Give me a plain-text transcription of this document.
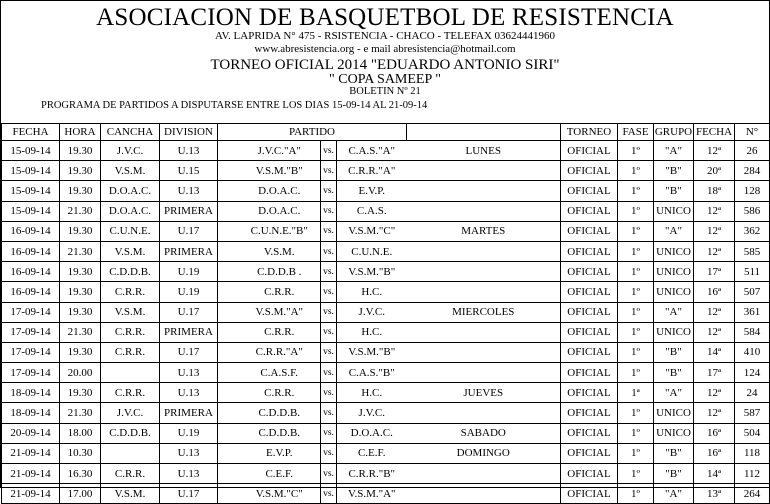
ASOCIACION DE BASQUETBOL DE RESISTENCIA
AV. LAPRIDA N° 475 - RSISTENCIA - CHACO - TELEFAX 03624441960
www.abresistencia.org - e mail abresistencia@hotmail.com
TORNEO OFICIAL 2014 "EDUARDO ANTONIO SIRI"
" COPA SAMEEP "
BOLETIN Nº 21
PROGRAMA DE PARTIDOS A DISPUTARSE ENTRE LOS DIAS 15-09-14 AL 21-09-14
FECHA	HORA	CANCHA	DIVISION	PARTIDO					TORNEO	FASE	GRUPO	FECHA	N°
15-09-14	19.30	J.V.C.	U.13		J.V.C."A"	vs.	C.A.S."A"	LUNES	OFICIAL	1º	"A"	12ª	26
15-09-14	19.30	V.S.M.	U.15		V.S.M."B"	vs.	C.R.R."A"		OFICIAL	1º	"B"	20ª	284
15-09-14	19.30	D.O.A.C.	U.13		D.O.A.C.	vs.	E.V.P.		OFICIAL	1º	"B"	18ª	128
15-09-14	21.30	D.O.A.C.	PRIMERA		D.O.A.C.	vs.	C.A.S.		OFICIAL	1º	UNICO	12ª	586
16-09-14	19.30	C.U.N.E.	U.17		C.U.N.E."B"	vs.	V.S.M."C"	MARTES	OFICIAL	1º	"A"	12ª	362
16-09-14	21.30	V.S.M.	PRIMERA		V.S.M.	vs.	C.U.N.E.		OFICIAL	1º	UNICO	12ª	585
16-09-14	19.30	C.D.D.B.	U.19		C.D.D.B .	vs.	V.S.M."B"		OFICIAL	1º	UNICO	17ª	511
16-09-14	19.30	C.R.R.	U.19		C.R.R.	vs.	H.C.		OFICIAL	1º	UNICO	16ª	507
17-09-14	19.30	V.S.M.	U.17		V.S.M."A"	vs.	J.V.C.	MIERCOLES	OFICIAL	1º	"A"	12ª	361
17-09-14	21.30	C.R.R.	PRIMERA		C.R.R.	vs.	H.C.		OFICIAL	1º	UNICO	12ª	584
17-09-14	19.30	C.R.R.	U.17		C.R.R."A"	vs.	V.S.M."B"		OFICIAL	1º	"B"	14ª	410
17-09-14	20.00		U.13		C.A.S.F.	vs.	C.A.S."B"		OFICIAL	1º	"B"	17ª	124
18-09-14	19.30	C.R.R.	U.13		C.R.R.	vs.	H.C.	JUEVES	OFICIAL	1ª	"A"	12ª	24
18-09-14	21.30	J.V.C.	PRIMERA		C.D.D.B.	vs.	J.V.C.		OFICIAL	1º	UNICO	12ª	587
20-09-14	18.00	C.D.D.B.	U.19		C.D.D.B.	vs.	D.O.A.C.	SABADO	OFICIAL	1º	UNICO	16ª	504
21-09-14	10.30		U.13		E.V.P.	vs.	C.E.F.	DOMINGO	OFICIAL	1º	"B"	16ª	118
21-09-14	16.30	C.R.R.	U.13		C.E.F.	vs.	C.R.R."B"		OFICIAL	1º	"B"	14ª	112
21-09-14	17.00	V.S.M.	U.17		V.S.M."C"	vs.	V.S.M."A"		OFICIAL	1º	"A"	13ª	264
